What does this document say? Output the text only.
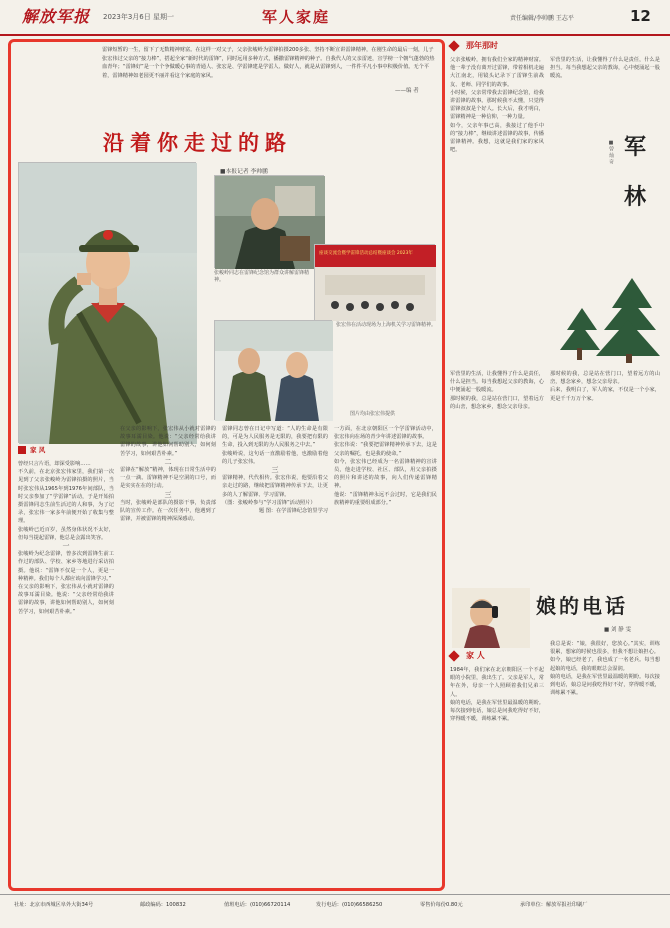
解放军报 2023年3月6日 星期一	军人家庭	责任编辑/李帅鹏 王志平	12
雷锋短暂的一生，留下了无数精神财富。在这样一对父子，父亲张峻岭为雷锋拍摄200多张、坚持不断宣讲雷锋精神，在刚生命的最后一刻，儿子张宏伟过父亲的“接力棒”，搭起全家“新时代的雷锋”，同时远用多种方式，播撒雷锋精神的种子。自我代人的父亲雷迹，宣学榜一个朝气蓬勃的热血青年；“雷锋好”是一个个争做暖心事的青通人、张宏是、学雷锋建是学雷人、做好人，就是从雷锋到人，一件件平凡小事中积极价值。无个平着，雷锋精神如老园更不丽并看这个家庭的家风。
——编 者
沿着你走过的路
■本报记者 李帅鹏
张峻岭同志在雷锋纪念馆为群众讲解雷锋精神。
座谈交流会暨学雷锋活动总结暨座谈会 2023年
张宏伟在活动现场为上海机关学习雷锋精神。
图片均由张宏伟提供
家 风

曾经只言片语，却深受影响……

不久前，在北京张宏伟家里，我们第一次见到了父亲张峻岭为雷锋拍摄的照片，当时张宏伟从1965年到1976年间部队，当时父亲参加了“学雷锋”活动，于是开始拍摄雷锋同志生前生活过的人和事，为了记录，张宏伟一家多年前便开始了收集与整理。

张峻岭已近百岁，虽然身体状况不太好，但每当提起雷锋，他总是会露出笑容。

一

张峻岭为纪念雷锋，曾多次到雷锋生前工作过的部队、学校、家乡等地进行采访拍摄。他说：“雷锋不仅是一个人，更是一种精神。我们每个人都应该向雷锋学习。”

在父亲的影响下，张宏伟从小就对雷锋的故事耳濡目染。他说：“父亲经常给我讲雷锋的故事，讲他如何帮助别人，如何刻苦学习，如何艰苦朴素。”

在父亲的影响下，张宏伟从小就对雷锋的故事耳濡目染。他说：“父亲经常给我讲雷锋的故事，讲他如何帮助别人，如何刻苦学习，如何艰苦朴素。”

二

雷锋在“解放”精神，体现在日常生活中的一点一滴。雷锋精神不是空洞的口号，而是实实在在的行动。

三

当时，张峻岭是部队的摄影干事，负责部队的宣传工作。在一次任务中，他遇到了雷锋，并被雷锋的精神深深感动。

雷锋同志曾在日记中写道：“人的生命是有限的，可是为人民服务是无限的，我要把有限的生命，投入到无限的为人民服务之中去。”

张峻岭说，这句话一直激励着他，也激励着他的儿子张宏伟。

三

雷锋精神，代代相传。张宏伟说，他要沿着父亲走过的路，继续把雷锋精神传承下去，让更多的人了解雷锋、学习雷锋。

（图：张峻岭参与“学习雷锋”活动照片）

题 图：在学雷锋纪念馆里学习

一方面，在北京朝阳区一个学雷锋活动中，张宏伟向在场的青少年讲述雷锋的故事。

张宏伟说：“我要把雷锋精神传承下去，这是父亲的嘱托，也是我的使命。”

如今，张宏伟已经成为一名雷锋精神的宣讲员，他走进学校、社区、部队，用父亲拍摄的照片和讲述的故事，向人们传递雷锋精神。

他说：“雷锋精神永远不会过时，它是我们民族精神的重要组成部分。”

那年那时

父亲张峻岭，拥有我们全家的精神财富。他一辈子没有离开过雷锋，带着相机走遍大江南北，用镜头记录下了雷锋生前战友、老师、同学们的故事。

小时候，父亲常带我去雷锋纪念馆，给我讲雷锋的故事。那时候我不太懂，只觉得雷锋叔叔是个好人。长大后，我才明白，雷锋精神是一种信仰，一种力量。

如今，父亲年事已高，我接过了他手中的“接力棒”，继续讲述雷锋的故事，传播雷锋精神。我想，这就是我们家的家风吧。

军营里的生活，让我懂得了什么是责任，什么是担当。每当我想起父亲的教诲，心中便涌起一股暖流。

军
林
■曾 灿 奇

那时候的我，总是站在营门口，望着远方的山峦，想念家乡，想念父亲母亲。

后来，我明白了，军人的家，不仅是一个小家，更是千千万万个家。

军营里的生活，让我懂得了什么是责任，什么是担当。每当我想起父亲的教诲，心中便涌起一股暖流。

那时候的我，总是站在营门口，望着远方的山峦，想念家乡，想念父亲母亲。

娘的电话
■ 刘 静 雯
家 人

1984年，我们家在北京朝阳区一个不起眼的小院里，我出生了。父亲是军人，常年在外，母亲一个人照顾着我们兄弟三人。

娘的电话，是我在军营里最温暖的期盼。每次接到电话，娘总是问我吃得好不好，穿得暖不暖，训练累不累。

我总是说：“娘，我很好，您放心。”其实，训练很累，想家的时候也很多，但我不想让娘担心。

如今，娘已经老了，我也成了一名老兵。每当想起娘的电话，我的眼眶总会湿润。

娘的电话，是我在军营里最温暖的期盼。每次接到电话，娘总是问我吃得好不好，穿得暖不暖，训练累不累。

社址：北京市西城区阜外大街34号	邮政编码：100832	值班电话：(010)66720114	发行电话：(010)66586250	零售价每份0.80元	承印单位：解放军报社印刷厂
